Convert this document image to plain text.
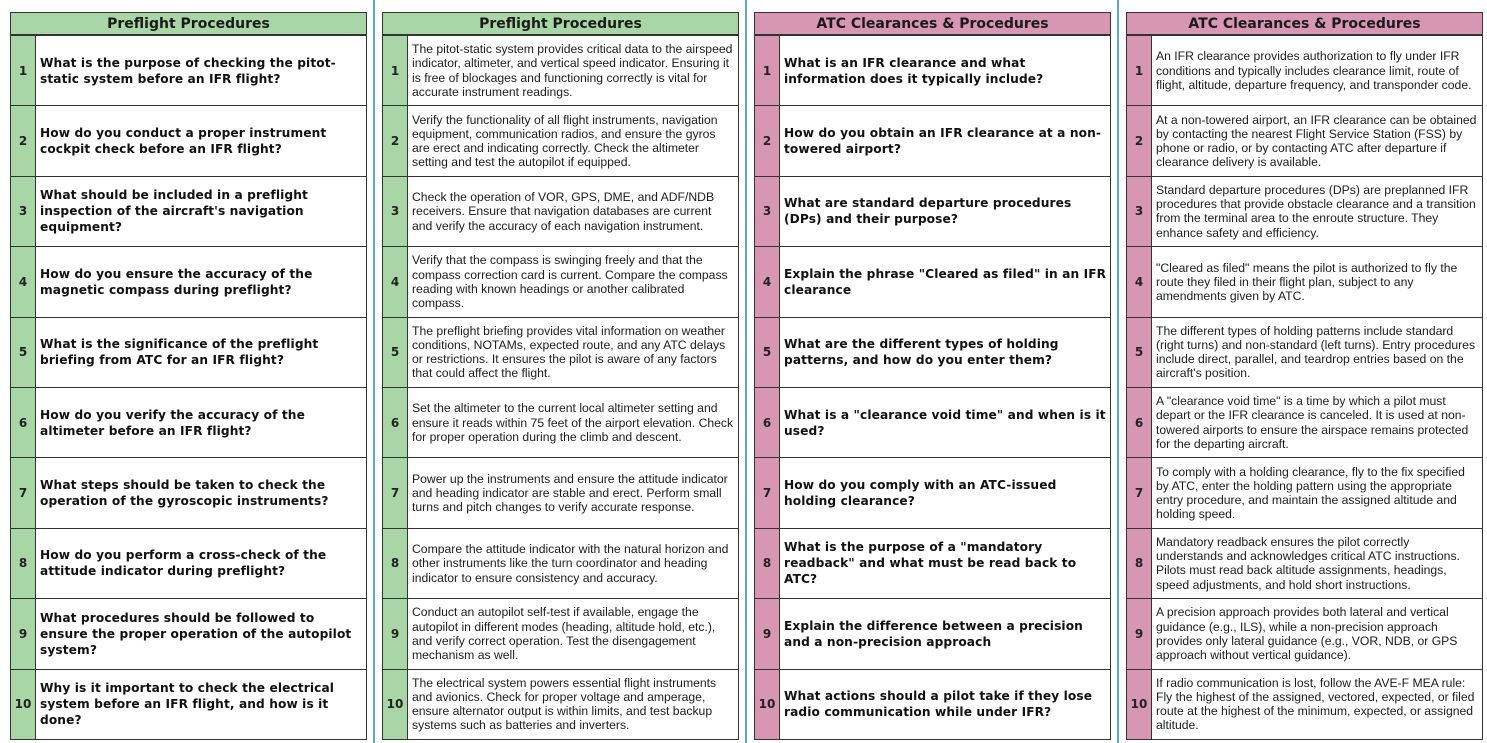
Preflight Procedures
1
What is the purpose of checking the pitot-static system before an IFR flight?
2
How do you conduct a proper instrument cockpit check before an IFR flight?
3
What should be included in a preflight inspection of the aircraft's navigation equipment?
4
How do you ensure the accuracy of the magnetic compass during preflight?
5
What is the significance of the preflight briefing from ATC for an IFR flight?
6
How do you verify the accuracy of the altimeter before an IFR flight?
7
What steps should be taken to check the operation of the gyroscopic instruments?
8
How do you perform a cross-check of the attitude indicator during preflight?
9
What procedures should be followed to ensure the proper operation of the autopilot system?
10
Why is it important to check the electrical system before an IFR flight, and how is it done?
Preflight Procedures
1
The pitot-static system provides critical data to the airspeed indicator, altimeter, and vertical speed indicator. Ensuring it is free of blockages and functioning correctly is vital for accurate instrument readings.
2
Verify the functionality of all flight instruments, navigation equipment, communication radios, and ensure the gyros are erect and indicating correctly. Check the altimeter setting and test the autopilot if equipped.
3
Check the operation of VOR, GPS, DME, and ADF/NDB receivers. Ensure that navigation databases are current and verify the accuracy of each navigation instrument.
4
Verify that the compass is swinging freely and that the compass correction card is current. Compare the compass reading with known headings or another calibrated compass.
5
The preflight briefing provides vital information on weather conditions, NOTAMs, expected route, and any ATC delays or restrictions. It ensures the pilot is aware of any factors that could affect the flight.
6
Set the altimeter to the current local altimeter setting and ensure it reads within 75 feet of the airport elevation. Check for proper operation during the climb and descent.
7
Power up the instruments and ensure the attitude indicator and heading indicator are stable and erect. Perform small turns and pitch changes to verify accurate response.
8
Compare the attitude indicator with the natural horizon and other instruments like the turn coordinator and heading indicator to ensure consistency and accuracy.
9
Conduct an autopilot self-test if available, engage the autopilot in different modes (heading, altitude hold, etc.), and verify correct operation. Test the disengagement mechanism as well.
10
The electrical system powers essential flight instruments and avionics. Check for proper voltage and amperage, ensure alternator output is within limits, and test backup systems such as batteries and inverters.
ATC Clearances & Procedures
1
What is an IFR clearance and what information does it typically include?
2
How do you obtain an IFR clearance at a non-towered airport?
3
What are standard departure procedures (DPs) and their purpose?
4
Explain the phrase "Cleared as filed" in an IFR clearance
5
What are the different types of holding patterns, and how do you enter them?
6
What is a "clearance void time" and when is it used?
7
How do you comply with an ATC-issued holding clearance?
8
What is the purpose of a "mandatory readback" and what must be read back to ATC?
9
Explain the difference between a precision and a non-precision approach
10
What actions should a pilot take if they lose radio communication while under IFR?
ATC Clearances & Procedures
1
An IFR clearance provides authorization to fly under IFR conditions and typically includes clearance limit, route of flight, altitude, departure frequency, and transponder code.
2
At a non-towered airport, an IFR clearance can be obtained by contacting the nearest Flight Service Station (FSS) by phone or radio, or by contacting ATC after departure if clearance delivery is available.
3
Standard departure procedures (DPs) are preplanned IFR procedures that provide obstacle clearance and a transition from the terminal area to the enroute structure. They enhance safety and efficiency.
4
"Cleared as filed" means the pilot is authorized to fly the route they filed in their flight plan, subject to any amendments given by ATC.
5
The different types of holding patterns include standard (right turns) and non-standard (left turns). Entry procedures include direct, parallel, and teardrop entries based on the aircraft's position.
6
A "clearance void time" is a time by which a pilot must depart or the IFR clearance is canceled. It is used at non-towered airports to ensure the airspace remains protected for the departing aircraft.
7
To comply with a holding clearance, fly to the fix specified by ATC, enter the holding pattern using the appropriate entry procedure, and maintain the assigned altitude and holding speed.
8
Mandatory readback ensures the pilot correctly understands and acknowledges critical ATC instructions. Pilots must read back altitude assignments, headings, speed adjustments, and hold short instructions.
9
A precision approach provides both lateral and vertical guidance (e.g., ILS), while a non-precision approach provides only lateral guidance (e.g., VOR, NDB, or GPS approach without vertical guidance).
10
If radio communication is lost, follow the AVE-F MEA rule: Fly the highest of the assigned, vectored, expected, or filed route at the highest of the minimum, expected, or assigned altitude.
